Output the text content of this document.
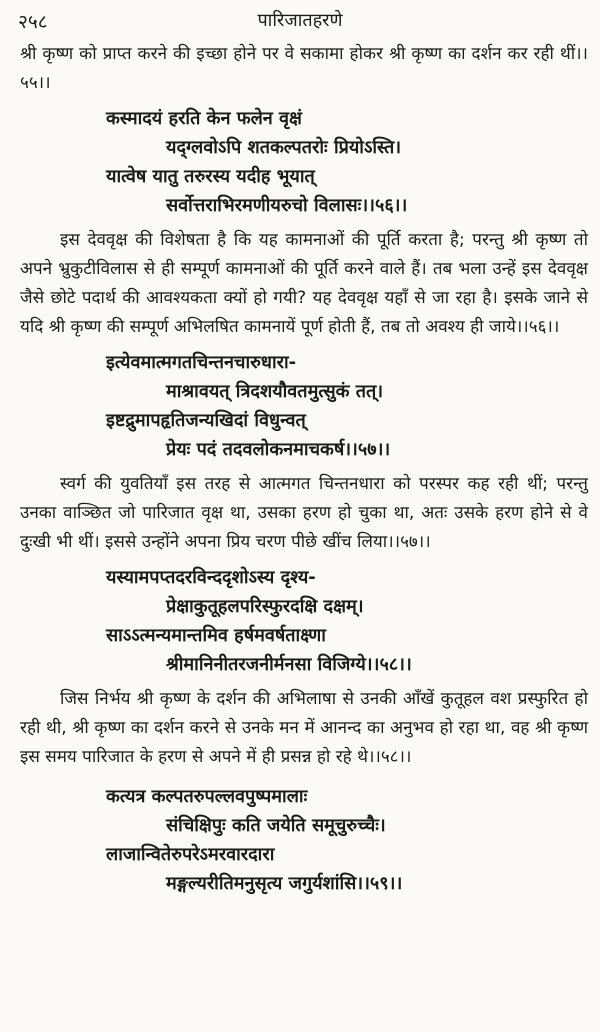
२५८	पारिजातहरणे

श्री कृष्ण को प्राप्त करने की इच्छा होने पर वे सकामा होकर श्री कृष्ण का दर्शन कर रही थीं।।५५।।

कस्मादयं हरति केन फलेन वृक्षं
यद्ग्लवोऽपि शतकल्पतरोः प्रियोऽस्ति।
यात्वेष यातु तरुरस्य यदीह भूयात्
सर्वोत्तराभिरमणीयरुचो विलासः।।५६।।

इस देववृक्ष की विशेषता है कि यह कामनाओं की पूर्ति करता है; परन्तु श्री कृष्ण तो अपने भ्रुकुटीविलास से ही सम्पूर्ण कामनाओं की पूर्ति करने वाले हैं। तब भला उन्हें इस देववृक्ष जैसे छोटे पदार्थ की आवश्यकता क्यों हो गयी? यह देववृक्ष यहाँ से जा रहा है। इसके जाने से यदि श्री कृष्ण की सम्पूर्ण अभिलषित कामनायें पूर्ण होती हैं, तब तो अवश्य ही जाये।।५६।।

इत्येवमात्मगतचिन्तनचारुधारा-
माश्रावयत् त्रिदशयौवतमुत्सुकं तत्।
इष्टद्रुमापहृतिजन्यखिदां विधुन्वत्
प्रेयः पदं तदवलोकनमाचकर्ष।।५७।।

स्वर्ग की युवतियाँ इस तरह से आत्मगत चिन्तनधारा को परस्पर कह रही थीं; परन्तु उनका वाञ्छित जो पारिजात वृक्ष था, उसका हरण हो चुका था, अतः उसके हरण होने से वे दुःखी भी थीं। इससे उन्होंने अपना प्रिय चरण पीछे खींच लिया।।५७।।

यस्यामपप्तदरविन्ददृशोऽस्य दृश्य-
प्रेक्षाकुतूहलपरिस्फुरदक्षि दक्षम्।
साऽऽत्मन्यमान्तमिव हर्षमवर्षताक्ष्णा
श्रीमानिनीतरजनीर्मनसा विजिग्ये।।५८।।

जिस निर्भय श्री कृष्ण के दर्शन की अभिलाषा से उनकी आँखें कुतूहल वश प्रस्फुरित हो रही थी, श्री कृष्ण का दर्शन करने से उनके मन में आनन्द का अनुभव हो रहा था, वह श्री कृष्ण इस समय पारिजात के हरण से अपने में ही प्रसन्न हो रहे थे।।५८।।

कत्यत्र कल्पतरुपल्लवपुष्पमालाः
संचिक्षिपुः कति जयेति समूचुरुच्चैः।
लाजान्वितेरुपरेऽमरवारदारा
मङ्गल्यरीतिमनुसृत्य जगुर्यशांसि।।५९।।
